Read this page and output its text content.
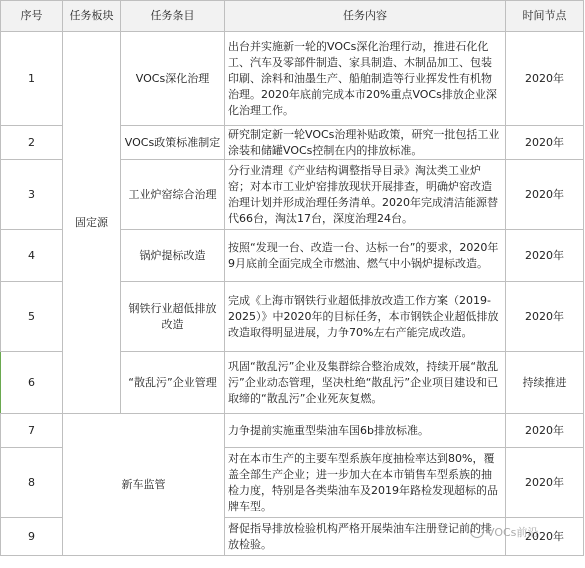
序号	任务板块	任务条目	任务内容	时间节点
1	固定源	VOCs深化治理	出台并实施新一轮的VOCs深化治理行动，推进石化化工、汽车及零部件制造、家具制造、木制品加工、包装印刷、涂料和油墨生产、船舶制造等行业挥发性有机物治理。2020年底前完成本市20%重点VOCs排放企业深化治理工作。	2020年
2		VOCs政策标准制定	研究制定新一轮VOCs治理补贴政策，研究一批包括工业涂装和储罐VOCs控制在内的排放标准。	2020年
3		工业炉窑综合治理	分行业清理《产业结构调整指导目录》淘汰类工业炉窑；对本市工业炉窑排放现状开展排查，明确炉窑改造治理计划并形成治理任务清单。2020年完成清洁能源替代66台，淘汰17台，深度治理24台。	2020年
4		锅炉提标改造	按照“发现一台、改造一台、达标一台”的要求，2020年9月底前全面完成全市燃油、燃气中小锅炉提标改造。	2020年
5		钢铁行业超低排放改造	完成《上海市钢铁行业超低排放改造工作方案（2019-2025）》中2020年的目标任务，本市钢铁企业超低排放改造取得明显进展，力争70%左右产能完成改造。	2020年
6		“散乱污”企业管理	巩固“散乱污”企业及集群综合整治成效，持续开展“散乱污”企业动态管理，坚决杜绝“散乱污”企业项目建设和已取缔的“散乱污”企业死灰复燃。	持续推进
7	新车监管		力争提前实施重型柴油车国6b排放标准。	2020年
8			对在本市生产的主要车型系族年度抽检率达到80%，覆盖全部生产企业；进一步加大在本市销售车型系族的抽检力度，特别是各类柴油车及2019年路检发现超标的品牌车型。	2020年
9			督促指导排放检验机构严格开展柴油车注册登记前的排放检验。	2020年
VOCs前沿
